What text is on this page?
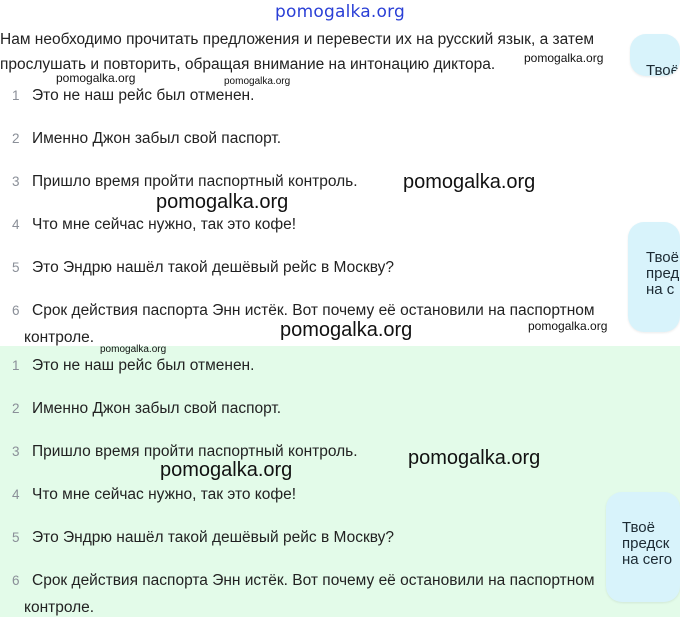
pomogalka.org
Нам необходимо прочитать предложения и перевести их на русский язык, а затем прослушать и повторить, обращая внимание на интонацию диктора.
1 Это не наш рейс был отменен.
2 Именно Джон забыл свой паспорт.
3 Пришло время пройти паспортный контроль.
4 Что мне сейчас нужно, так это кофе!
5 Это Эндрю нашёл такой дешёвый рейс в Москву?
6 Срок действия паспорта Энн истёк. Вот почему её остановили на паспортном
контроле.
1 Это не наш рейс был отменен.
2 Именно Джон забыл свой паспорт.
3 Пришло время пройти паспортный контроль.
4 Что мне сейчас нужно, так это кофе!
5 Это Эндрю нашёл такой дешёвый рейс в Москву?
6 Срок действия паспорта Энн истёк. Вот почему её остановили на паспортном
контроле.
Твоё
Твоё
пред
на с
Твоё
предск
на сего
pomogalka.org
pomogalka.org	pomogalka.org
pomogalka.org
pomogalka.org
pomogalka.org	pomogalka.org
pomogalka.org
pomogalka.org
pomogalka.org
